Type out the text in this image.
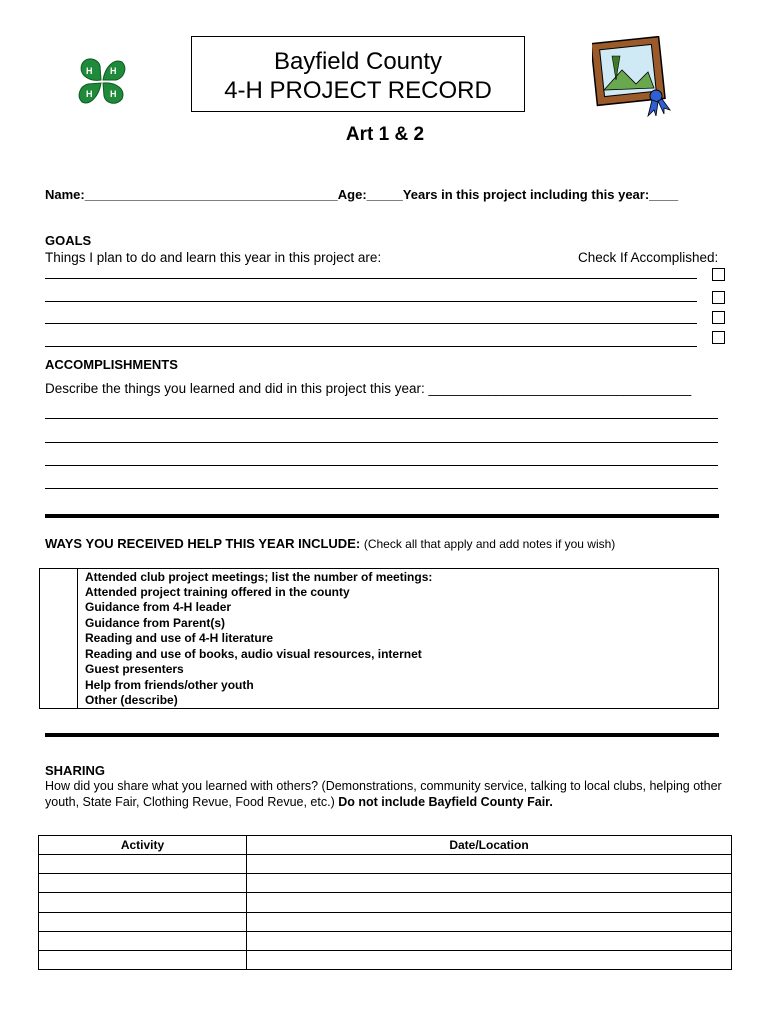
H H
H
H
Bayfield County
4-H PROJECT RECORD
Art 1 & 2
Name:___________________________________Age:_____Years in this project including this year:____
GOALS
Things I plan to do and learn this year in this project are:	Check If Accomplished:
ACCOMPLISHMENTS
Describe the things you learned and did in this project this year: ___________________________________
WAYS YOU RECEIVED HELP THIS YEAR INCLUDE: (Check all that apply and add notes if you wish)
	Attended club project meetings; list the number of meetings:
	Attended project training offered in the county
	Guidance from 4-H leader
	Guidance from Parent(s)
	Reading and use of 4-H literature
	Reading and use of books, audio visual resources, internet
	Guest presenters
	Help from friends/other youth
	Other (describe)
SHARING
How did you share what you learned with others? (Demonstrations, community service, talking to local clubs, helping other youth, State Fair, Clothing Revue, Food Revue, etc.) Do not include Bayfield County Fair.
Activity	Date/Location
